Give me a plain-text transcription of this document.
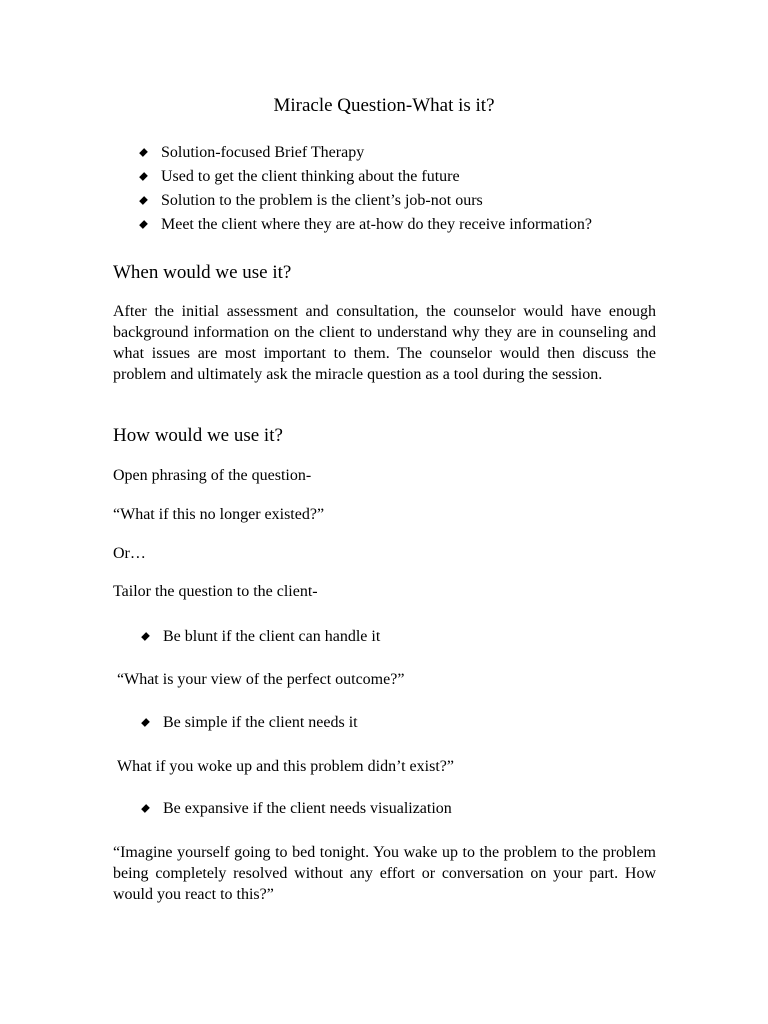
Miracle Question-What is it?
Solution-focused Brief Therapy
Used to get the client thinking about the future
Solution to the problem is the client’s job-not ours
Meet the client where they are at-how do they receive information?
When would we use it?

After the initial assessment and consultation, the counselor would have enough background information on the client to understand why they are in counseling and what issues are most important to them. The counselor would then discuss the problem and ultimately ask the miracle question as a tool during the session.

How would we use it?

Open phrasing of the question-

“What if this no longer existed?”

Or…

Tailor the question to the client-

Be blunt if the client can handle it

“What is your view of the perfect outcome?”

Be simple if the client needs it

What if you woke up and this problem didn’t exist?”

Be expansive if the client needs visualization

“Imagine yourself going to bed tonight. You wake up to the problem to the problem being completely resolved without any effort or conversation on your part. How would you react to this?”
